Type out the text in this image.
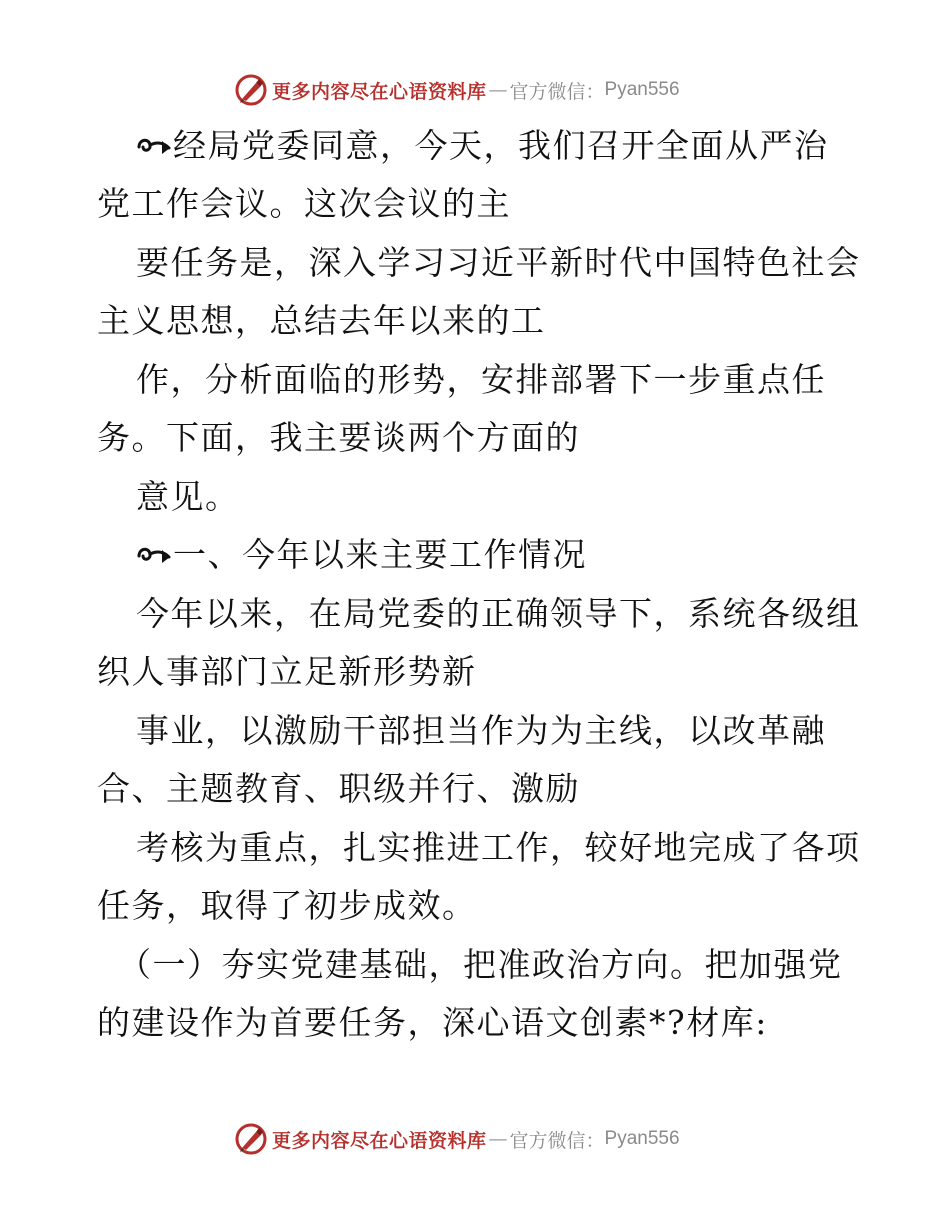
更多内容尽在心语资料库 — 官方微信： Pyan556
经局党委同意，今天，我们召开全面从严治
党工作会议。这次会议的主
要任务是，深入学习习近平新时代中国特色社会
主义思想，总结去年以来的工
作，分析面临的形势，安排部署下一步重点任
务。下面，我主要谈两个方面的
意见。
一、今年以来主要工作情况
今年以来，在局党委的正确领导下，系统各级组
织人事部门立足新形势新
事业，以激励干部担当作为为主线，以改革融
合、主题教育、职级并行、激励
考核为重点，扎实推进工作，较好地完成了各项
任务，取得了初步成效。
（一）夯实党建基础，把准政治方向。把加强党
的建设作为首要任务，深心语文创素*?材库:
更多内容尽在心语资料库 — 官方微信： Pyan556
